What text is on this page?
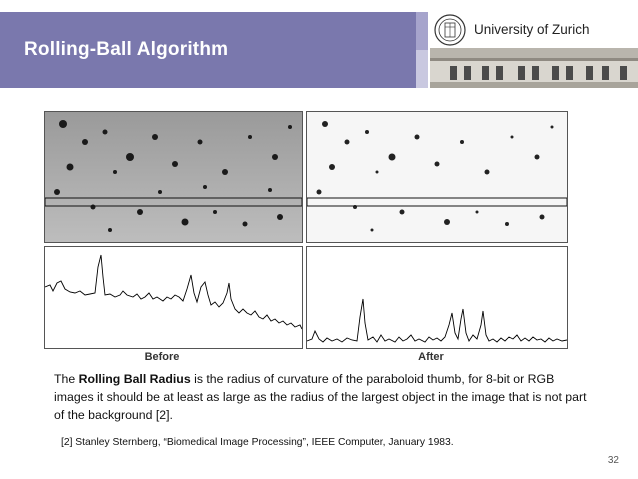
Rolling-Ball Algorithm
University of Zurich
Before	After
The Rolling Ball Radius is the radius of curvature of the paraboloid thumb, for 8-bit or RGB images it should be at least as large as the radius of the largest object in the image that is not part of the background [2].
[2] Stanley Sternberg, “Biomedical Image Processing”, IEEE Computer, January 1983.
32
